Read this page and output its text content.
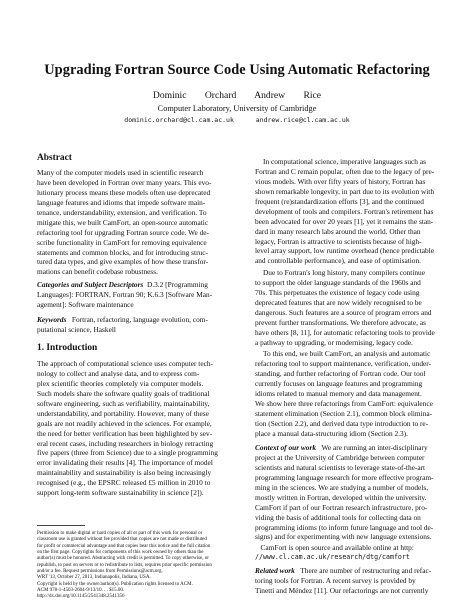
Upgrading Fortran Source Code Using Automatic Refactoring
Dominic Orchard Andrew Rice
Computer Laboratory, University of Cambridge
dominic.orchard@cl.cam.ac.uk	andrew.rice@cl.cam.ac.uk
Abstract
Many of the computer models used in scientific research
have been developed in Fortran over many years. This evo-
lutionary process means these models often use deprecated
language features and idioms that impede software main-
tenance, understandability, extension, and verification. To
mitigate this, we built CamFort, an open-source automatic
refactoring tool for upgrading Fortran source code. We de-
scribe functionality in CamFort for removing equivalence
statements and common blocks, and for introducing struc-
tured data types, and give examples of how these transfor-
mations can benefit codebase robustness.
Categories and Subject Descriptors D.3.2 [Programming
Languages]: FORTRAN, Fortran 90; K.6.3 [Software Man-
agement]: Software maintenance
Keywords Fortran, refactoring, language evolution, com-
putational science, Haskell
1. Introduction
The approach of computational science uses computer tech-
nology to collect and analyse data, and to express com-
plex scientific theories completely via computer models.
Such models share the software quality goals of traditional
software engineering, such as verifiability, maintainability,
understandability, and portability. However, many of these
goals are not readily achieved in the sciences. For example,
the need for better verification has been highlighted by sev-
eral recent cases, including researchers in biology retracting
five papers (three from Science) due to a single programming
error invalidating their results [4]. The importance of model
maintainability and sustainability is also being increasingly
recognised (e.g., the EPSRC released £5 million in 2010 to
support long-term software sustainability in science [2]).
Permission to make digital or hard copies of all or part of this work for personal or
classroom use is granted without fee provided that copies are not made or distributed
for profit or commercial advantage and that copies bear this notice and the full citation
on the first page. Copyrights for components of this work owned by others than the
author(s) must be honored. Abstracting with credit is permitted. To copy otherwise, or
republish, to post on servers or to redistribute to lists, requires prior specific permission
and/or a fee. Request permissions from Permissions@acm.org.
WRT '13, October 27, 2013, Indianapolis, Indiana, USA.
Copyright is held by the owner/author(s). Publication rights licensed to ACM.
ACM 978-1-4503-2604-9/13/10. . . $15.00.
http://dx.doi.org/10.1145/2541348.2541356
In computational science, imperative languages such as
Fortran and C remain popular, often due to the legacy of pre-
vious models. With over fifty years of history, Fortran has
shown remarkable longevity, in part due to its evolution with
frequent (re)standardization efforts [3], and the continued
development of tools and compilers. Fortran's retirement has
been advocated for over 20 years [1], yet it remains the stan-
dard in many research labs around the world. Other than
legacy, Fortran is attractive to scientists because of high-
level array support, low runtime overhead (hence predictable
and controllable performance), and ease of optimisation.
Due to Fortran's long history, many compilers continue
to support the older language standards of the 1960s and
70s. This perpetuates the existence of legacy code using
deprecated features that are now widely recognised to be
dangerous. Such features are a source of program errors and
prevent further transformations. We therefore advocate, as
have others [8, 11], for automatic refactoring tools to provide
a pathway to upgrading, or modernising, legacy code.
To this end, we built CamFort, an analysis and automatic
refactoring tool to support maintenance, verification, under-
standing, and further refactoring of Fortran code. Our tool
currently focuses on language features and programming
idioms related to manual memory and data management.
We show here three refactorings from CamFort: equivalence
statement elimination (Section 2.1), common block elimina-
tion (Section 2.2), and derived data type introduction to re-
place a manual data-structuring idiom (Section 2.3).
Context of our work We are running an inter-disciplinary
project at the University of Cambridge between computer
scientists and natural scientists to leverage state-of-the-art
programming language research for more effective program-
ming in the sciences. We are studying a number of models,
mostly written in Fortran, developed within the university.
CamFort if part of our Fortran research infrastructure, pro-
viding the basis of additional tools for collecting data on
programming idioms (to inform future language and tool de-
signs) and for experimenting with new language extensions.
CamFort is open source and available online at http:
//www.cl.cam.ac.uk/research/dtg/camfort
Related work There are number of restructuring and refac-
toring tools for Fortran. A recent survey is provided by
Tinetti and Méndez [11]. Our refactorings are not currently
